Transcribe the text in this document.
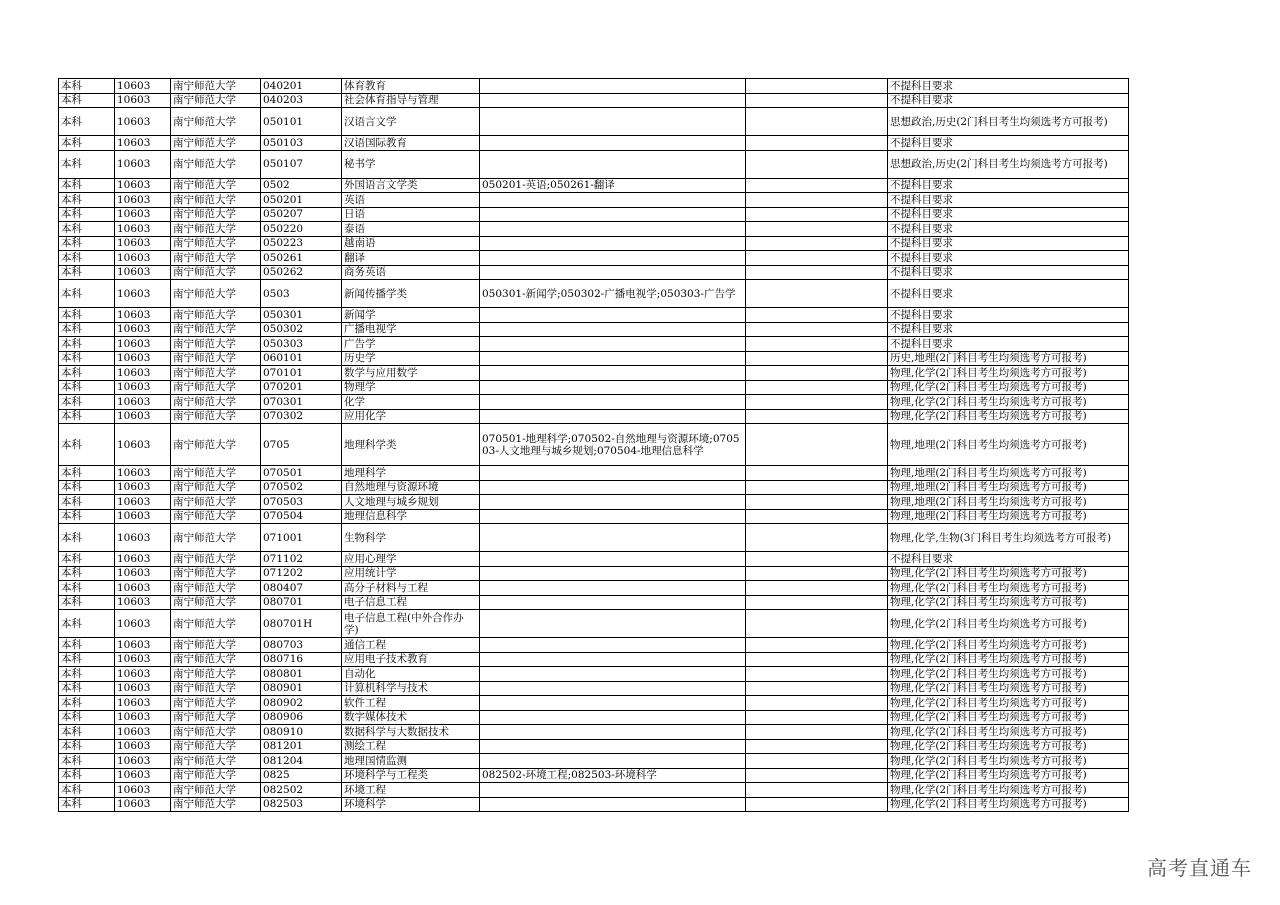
本科	10603	南宁师范大学	040201	体育教育			不提科目要求
本科	10603	南宁师范大学	040203	社会体育指导与管理			不提科目要求
本科	10603	南宁师范大学	050101	汉语言文学			思想政治,历史(2门科目考生均须选考方可报考)
本科	10603	南宁师范大学	050103	汉语国际教育			不提科目要求
本科	10603	南宁师范大学	050107	秘书学			思想政治,历史(2门科目考生均须选考方可报考)
本科	10603	南宁师范大学	0502	外国语言文学类	050201-英语;050261-翻译		不提科目要求
本科	10603	南宁师范大学	050201	英语			不提科目要求
本科	10603	南宁师范大学	050207	日语			不提科目要求
本科	10603	南宁师范大学	050220	泰语			不提科目要求
本科	10603	南宁师范大学	050223	越南语			不提科目要求
本科	10603	南宁师范大学	050261	翻译			不提科目要求
本科	10603	南宁师范大学	050262	商务英语			不提科目要求
本科	10603	南宁师范大学	0503	新闻传播学类	050301-新闻学;050302-广播电视学;050303-广告学		不提科目要求
本科	10603	南宁师范大学	050301	新闻学			不提科目要求
本科	10603	南宁师范大学	050302	广播电视学			不提科目要求
本科	10603	南宁师范大学	050303	广告学			不提科目要求
本科	10603	南宁师范大学	060101	历史学			历史,地理(2门科目考生均须选考方可报考)
本科	10603	南宁师范大学	070101	数学与应用数学			物理,化学(2门科目考生均须选考方可报考)
本科	10603	南宁师范大学	070201	物理学			物理,化学(2门科目考生均须选考方可报考)
本科	10603	南宁师范大学	070301	化学			物理,化学(2门科目考生均须选考方可报考)
本科	10603	南宁师范大学	070302	应用化学			物理,化学(2门科目考生均须选考方可报考)
本科	10603	南宁师范大学	0705	地理科学类	070501-地理科学;070502-自然地理与资源环境;070503-人文地理与城乡规划;070504-地理信息科学		物理,地理(2门科目考生均须选考方可报考)
本科	10603	南宁师范大学	070501	地理科学			物理,地理(2门科目考生均须选考方可报考)
本科	10603	南宁师范大学	070502	自然地理与资源环境			物理,地理(2门科目考生均须选考方可报考)
本科	10603	南宁师范大学	070503	人文地理与城乡规划			物理,地理(2门科目考生均须选考方可报考)
本科	10603	南宁师范大学	070504	地理信息科学			物理,地理(2门科目考生均须选考方可报考)
本科	10603	南宁师范大学	071001	生物科学			物理,化学,生物(3门科目考生均须选考方可报考)
本科	10603	南宁师范大学	071102	应用心理学			不提科目要求
本科	10603	南宁师范大学	071202	应用统计学			物理,化学(2门科目考生均须选考方可报考)
本科	10603	南宁师范大学	080407	高分子材料与工程			物理,化学(2门科目考生均须选考方可报考)
本科	10603	南宁师范大学	080701	电子信息工程			物理,化学(2门科目考生均须选考方可报考)
本科	10603	南宁师范大学	080701H	电子信息工程(中外合作办学)			物理,化学(2门科目考生均须选考方可报考)
本科	10603	南宁师范大学	080703	通信工程			物理,化学(2门科目考生均须选考方可报考)
本科	10603	南宁师范大学	080716	应用电子技术教育			物理,化学(2门科目考生均须选考方可报考)
本科	10603	南宁师范大学	080801	自动化			物理,化学(2门科目考生均须选考方可报考)
本科	10603	南宁师范大学	080901	计算机科学与技术			物理,化学(2门科目考生均须选考方可报考)
本科	10603	南宁师范大学	080902	软件工程			物理,化学(2门科目考生均须选考方可报考)
本科	10603	南宁师范大学	080906	数字媒体技术			物理,化学(2门科目考生均须选考方可报考)
本科	10603	南宁师范大学	080910	数据科学与大数据技术			物理,化学(2门科目考生均须选考方可报考)
本科	10603	南宁师范大学	081201	测绘工程			物理,化学(2门科目考生均须选考方可报考)
本科	10603	南宁师范大学	081204	地理国情监测			物理,化学(2门科目考生均须选考方可报考)
本科	10603	南宁师范大学	0825	环境科学与工程类	082502-环境工程;082503-环境科学		物理,化学(2门科目考生均须选考方可报考)
本科	10603	南宁师范大学	082502	环境工程			物理,化学(2门科目考生均须选考方可报考)
本科	10603	南宁师范大学	082503	环境科学			物理,化学(2门科目考生均须选考方可报考)
高考直通车
